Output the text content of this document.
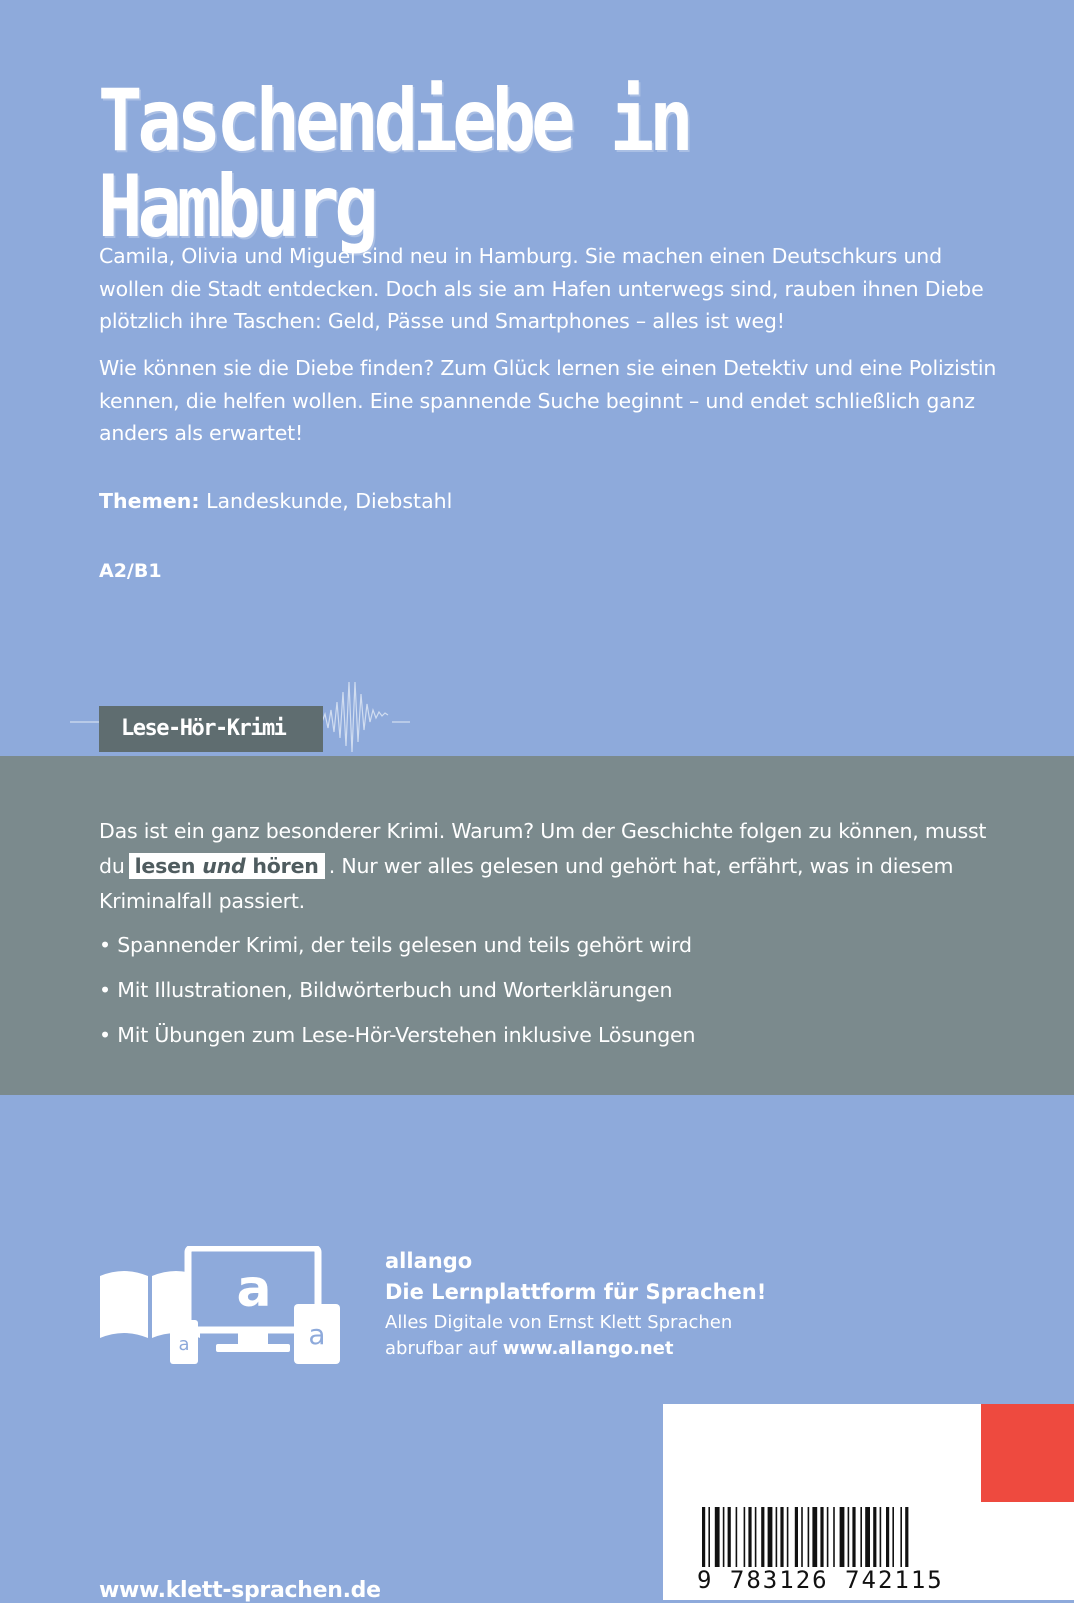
Taschendiebe in Hamburg

Camila, Olivia und Miguel sind neu in Hamburg. Sie machen einen Deutschkurs und wollen die Stadt entdecken. Doch als sie am Hafen unterwegs sind, rauben ihnen Diebe plötzlich ihre Taschen: Geld, Pässe und Smartphones – alles ist weg!

Wie können sie die Diebe finden? Zum Glück lernen sie einen Detektiv und eine Polizistin kennen, die helfen wollen. Eine spannende Suche beginnt – und endet schließlich ganz anders als erwartet!

Themen: Landeskunde, Diebstahl
A2/B1
Lese-Hör-Krimi

Das ist ein ganz besonderer Krimi. Warum? Um der Geschichte folgen zu können, musst du lesen und hören . Nur wer alles gelesen und gehört hat, erfährt, was in diesem Kriminalfall passiert.

• Spannender Krimi, der teils gelesen und teils gehört wird
• Mit Illustrationen, Bildwörterbuch und Worterklärungen
• Mit Übungen zum Lese-Hör-Verstehen inklusive Lösungen
a
a	a
allango
Die Lernplattform für Sprachen!
Alles Digitale von Ernst Klett Sprachen
abrufbar auf www.allango.net
ISBN 978-3-12-674211-5
9 783126 742115
www.klett-sprachen.de
